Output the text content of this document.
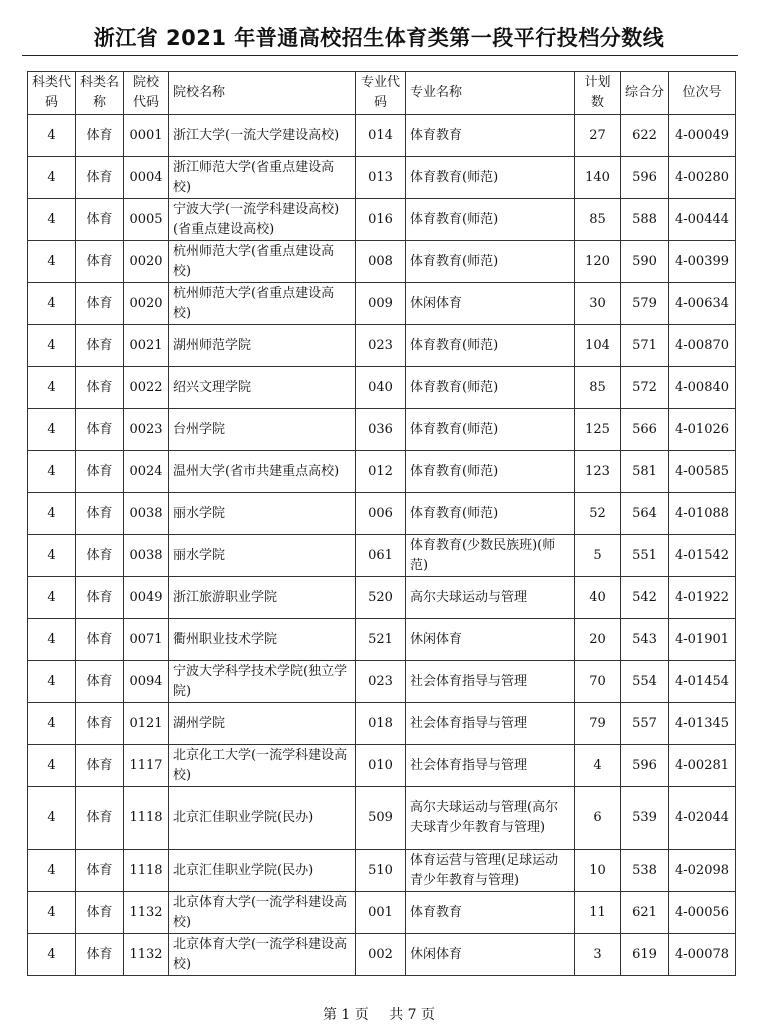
浙江省 2021 年普通高校招生体育类第一段平行投档分数线
科类代码	科类名称	院校代码	院校名称	专业代码	专业名称	计划数	综合分	位次号
4	体育	0001	浙江大学(一流大学建设高校)	014	体育教育	27	622	4-00049
4	体育	0004	浙江师范大学(省重点建设高校)	013	体育教育(师范)	140	596	4-00280
4	体育	0005	宁波大学(一流学科建设高校)(省重点建设高校)	016	体育教育(师范)	85	588	4-00444
4	体育	0020	杭州师范大学(省重点建设高校)	008	体育教育(师范)	120	590	4-00399
4	体育	0020	杭州师范大学(省重点建设高校)	009	休闲体育	30	579	4-00634
4	体育	0021	湖州师范学院	023	体育教育(师范)	104	571	4-00870
4	体育	0022	绍兴文理学院	040	体育教育(师范)	85	572	4-00840
4	体育	0023	台州学院	036	体育教育(师范)	125	566	4-01026
4	体育	0024	温州大学(省市共建重点高校)	012	体育教育(师范)	123	581	4-00585
4	体育	0038	丽水学院	006	体育教育(师范)	52	564	4-01088
4	体育	0038	丽水学院	061	体育教育(少数民族班)(师范)	5	551	4-01542
4	体育	0049	浙江旅游职业学院	520	高尔夫球运动与管理	40	542	4-01922
4	体育	0071	衢州职业技术学院	521	休闲体育	20	543	4-01901
4	体育	0094	宁波大学科学技术学院(独立学院)	023	社会体育指导与管理	70	554	4-01454
4	体育	0121	湖州学院	018	社会体育指导与管理	79	557	4-01345
4	体育	1117	北京化工大学(一流学科建设高校)	010	社会体育指导与管理	4	596	4-00281
4	体育	1118	北京汇佳职业学院(民办)	509	高尔夫球运动与管理(高尔夫球青少年教育与管理)	6	539	4-02044
4	体育	1118	北京汇佳职业学院(民办)	510	体育运营与管理(足球运动青少年教育与管理)	10	538	4-02098
4	体育	1132	北京体育大学(一流学科建设高校)	001	体育教育	11	621	4-00056
4	体育	1132	北京体育大学(一流学科建设高校)	002	休闲体育	3	619	4-00078
第 1 页 共 7 页
